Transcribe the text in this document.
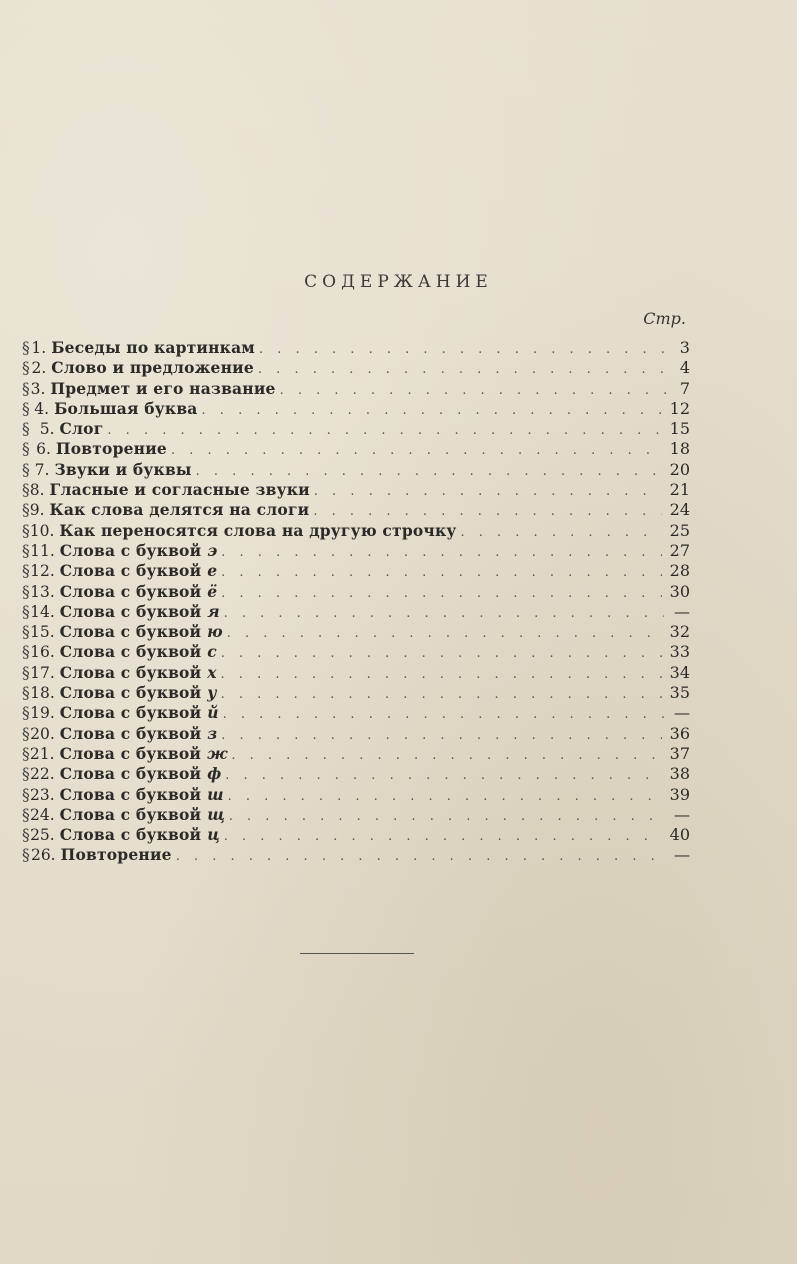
СОДЕРЖАНИЕ
Стр.
§ 1. Беседы по картинкам . . .	3
§ 2. Слово и предложение . . .	4
§ 3. Предмет и его название . . .	7
§ 4. Большая буква . . .	12
§ 5. Слог . . .	15
§ 6. Повторение . . .	18
§ 7. Звуки и буквы . . .	20
§ 8. Гласные и согласные звуки . . .	21
§ 9. Как слова делятся на слоги . . .	24
§ 10. Как переносятся слова на другую строчку . . .	25
§ 11. Слова с буквой э . . .	27
§ 12. Слова с буквой е . . .	28
§ 13. Слова с буквой ё . . .	30
§ 14. Слова с буквой я . . .	—
§ 15. Слова с буквой ю . . .	32
§ 16. Слова с буквой с . . .	33
§ 17. Слова с буквой х . . .	34
§ 18. Слова с буквой у . . .	35
§ 19. Слова с буквой й . . .	—
§ 20. Слова с буквой з . . .	36
§ 21. Слова с буквой ж . . .	37
§ 22. Слова с буквой ф . . .	38
§ 23. Слова с буквой ш . . .	39
§ 24. Слова с буквой щ . . .	—
§ 25. Слова с буквой ц . . .	40
§ 26. Повторение . . .	—
